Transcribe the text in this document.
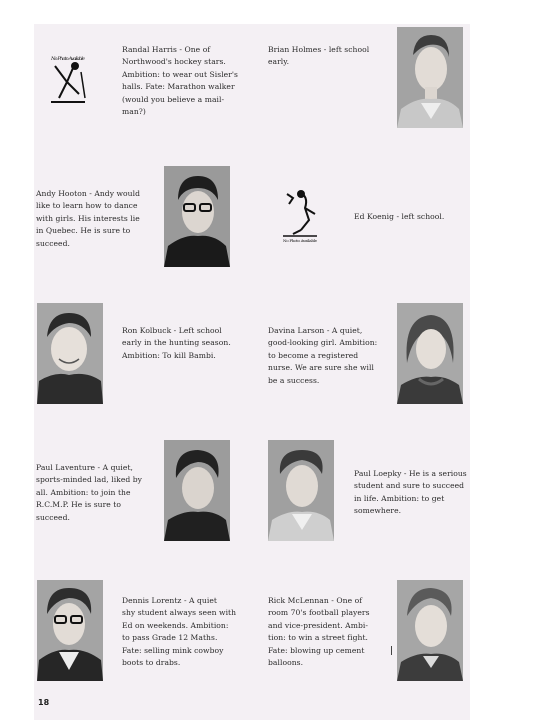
No Photo Available
Randal Harris - One of
Northwood's hockey stars.
Ambition: to wear out Sisler's
halls. Fate: Marathon walker
(would you believe a mail-
man?)
Brian Holmes - left school
early.
Andy Hooton - Andy would
like to learn how to dance
with girls. His interests lie
in Quebec. He is sure to
succeed.	No Photo Available
Ed Koenig - left school.
Ron Kolbuck - Left school
early in the hunting season.
Ambition: To kill Bambi.
Davina Larson - A quiet,
good-looking girl. Ambition:
to become a registered
nurse. We are sure she will
be a success.
Paul Laventure - A quiet,
sports-minded lad, liked by
all. Ambition: to join the
R.C.M.P. He is sure to
succeed.
Paul Loepky - He is a serious
student and sure to succeed
in life. Ambition: to get
somewhere.
Dennis Lorentz - A quiet
shy student always seen with
Ed on weekends. Ambition:
to pass Grade 12 Maths.
Fate: selling mink cowboy
boots to drabs.
Rick McLennan - One of
room 70's football players
and vice-president. Ambi-
tion: to win a street fight.
Fate: blowing up cement
balloons.
18
